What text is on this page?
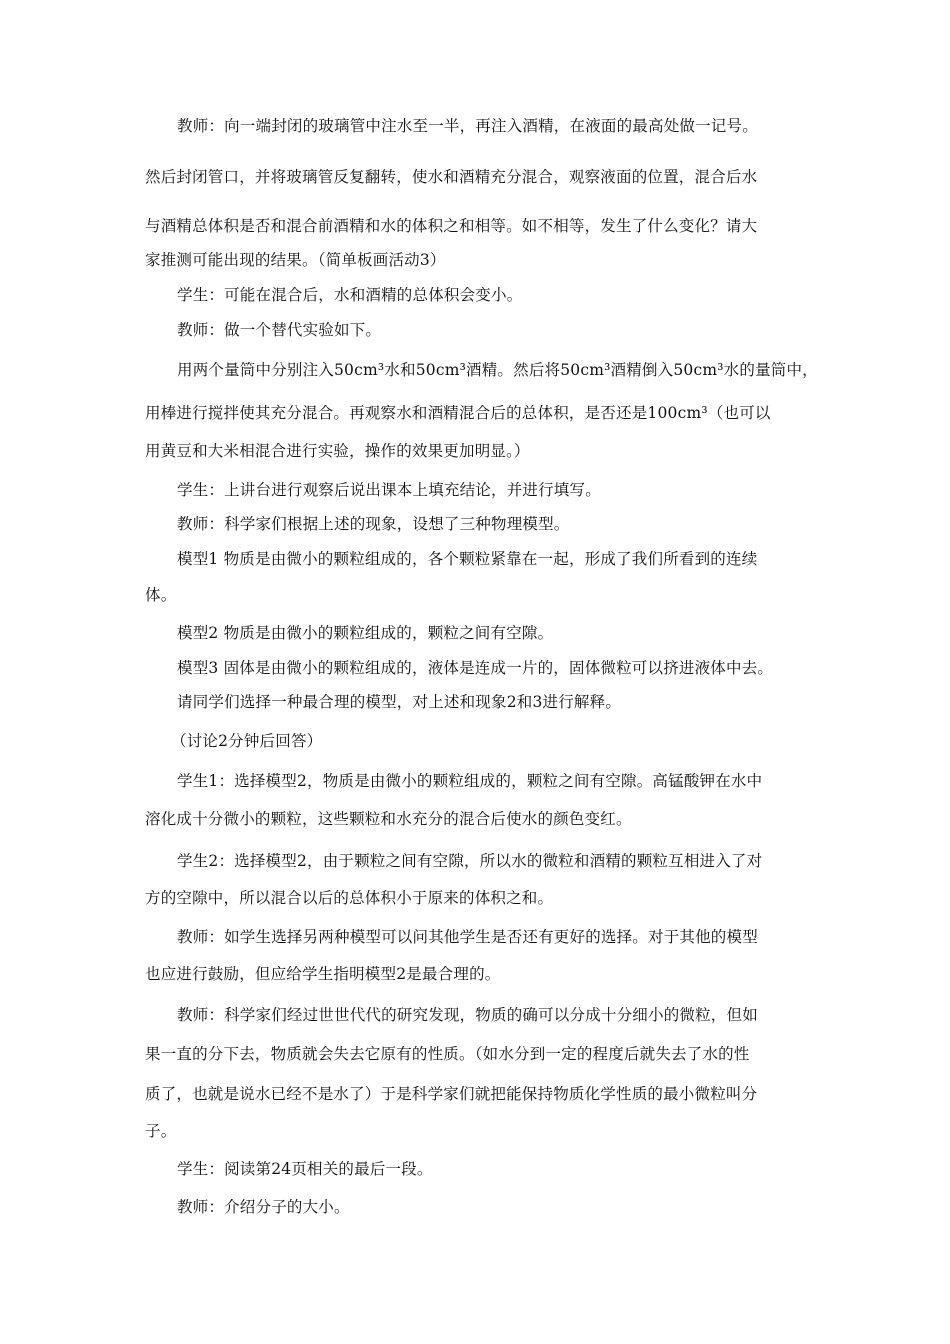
教师：向一端封闭的玻璃管中注水至一半，再注入酒精，在液面的最高处做一记号。
然后封闭管口，并将玻璃管反复翻转，使水和酒精充分混合，观察液面的位置，混合后水
与酒精总体积是否和混合前酒精和水的体积之和相等。如不相等，发生了什么变化？请大
家推测可能出现的结果。（简单板画活动3）
学生：可能在混合后，水和酒精的总体积会变小。
教师：做一个替代实验如下。
用两个量筒中分别注入50cm³水和50cm³酒精。然后将50cm³酒精倒入50cm³水的量筒中，
用棒进行搅拌使其充分混合。再观察水和酒精混合后的总体积，是否还是100cm³（也可以
用黄豆和大米相混合进行实验，操作的效果更加明显。）
学生：上讲台进行观察后说出课本上填充结论，并进行填写。
教师：科学家们根据上述的现象，设想了三种物理模型。
模型1 物质是由微小的颗粒组成的，各个颗粒紧靠在一起，形成了我们所看到的连续
体。
模型2 物质是由微小的颗粒组成的，颗粒之间有空隙。
模型3 固体是由微小的颗粒组成的，液体是连成一片的，固体微粒可以挤进液体中去。
请同学们选择一种最合理的模型，对上述和现象2和3进行解释。
（讨论2分钟后回答）
学生1：选择模型2，物质是由微小的颗粒组成的，颗粒之间有空隙。高锰酸钾在水中
溶化成十分微小的颗粒，这些颗粒和水充分的混合后使水的颜色变红。
学生2：选择模型2，由于颗粒之间有空隙，所以水的微粒和酒精的颗粒互相进入了对
方的空隙中，所以混合以后的总体积小于原来的体积之和。
教师：如学生选择另两种模型可以问其他学生是否还有更好的选择。对于其他的模型
也应进行鼓励，但应给学生指明模型2是最合理的。
教师：科学家们经过世世代代的研究发现，物质的确可以分成十分细小的微粒，但如
果一直的分下去，物质就会失去它原有的性质。（如水分到一定的程度后就失去了水的性
质了，也就是说水已经不是水了）于是科学家们就把能保持物质化学性质的最小微粒叫分
子。
学生：阅读第24页相关的最后一段。
教师：介绍分子的大小。
